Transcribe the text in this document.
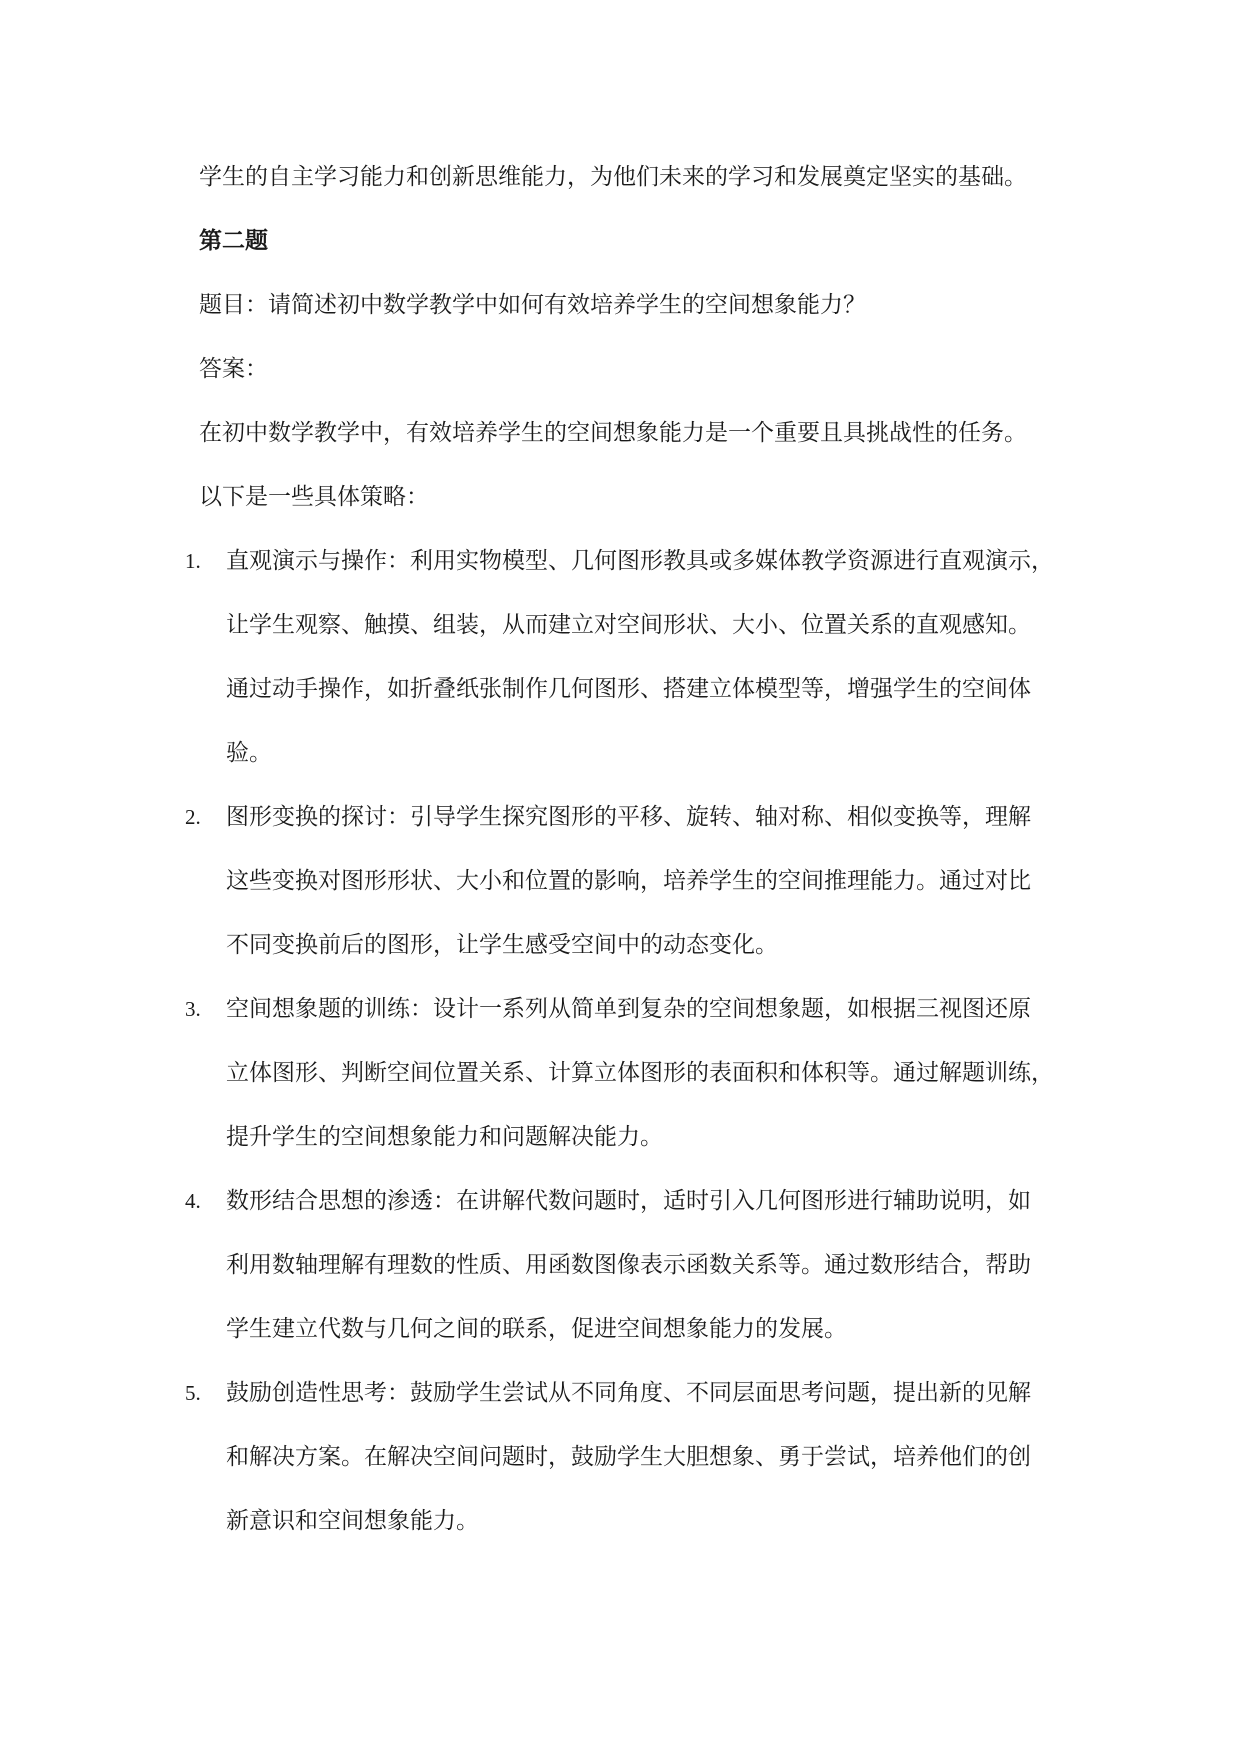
学生的自主学习能力和创新思维能力，为他们未来的学习和发展奠定坚实的基础。

第二题

题目：请简述初中数学教学中如何有效培养学生的空间想象能力？

答案：

在初中数学教学中，有效培养学生的空间想象能力是一个重要且具挑战性的任务。

以下是一些具体策略：

1. 直观演示与操作：利用实物模型、几何图形教具或多媒体教学资源进行直观演示，
让学生观察、触摸、组装，从而建立对空间形状、大小、位置关系的直观感知。
通过动手操作，如折叠纸张制作几何图形、搭建立体模型等，增强学生的空间体
验。
2. 图形变换的探讨：引导学生探究图形的平移、旋转、轴对称、相似变换等，理解
这些变换对图形形状、大小和位置的影响，培养学生的空间推理能力。通过对比
不同变换前后的图形，让学生感受空间中的动态变化。
3. 空间想象题的训练：设计一系列从简单到复杂的空间想象题，如根据三视图还原
立体图形、判断空间位置关系、计算立体图形的表面积和体积等。通过解题训练，
提升学生的空间想象能力和问题解决能力。
4. 数形结合思想的渗透：在讲解代数问题时，适时引入几何图形进行辅助说明，如
利用数轴理解有理数的性质、用函数图像表示函数关系等。通过数形结合，帮助
学生建立代数与几何之间的联系，促进空间想象能力的发展。
5. 鼓励创造性思考：鼓励学生尝试从不同角度、不同层面思考问题，提出新的见解
和解决方案。在解决空间问题时，鼓励学生大胆想象、勇于尝试，培养他们的创
新意识和空间想象能力。
